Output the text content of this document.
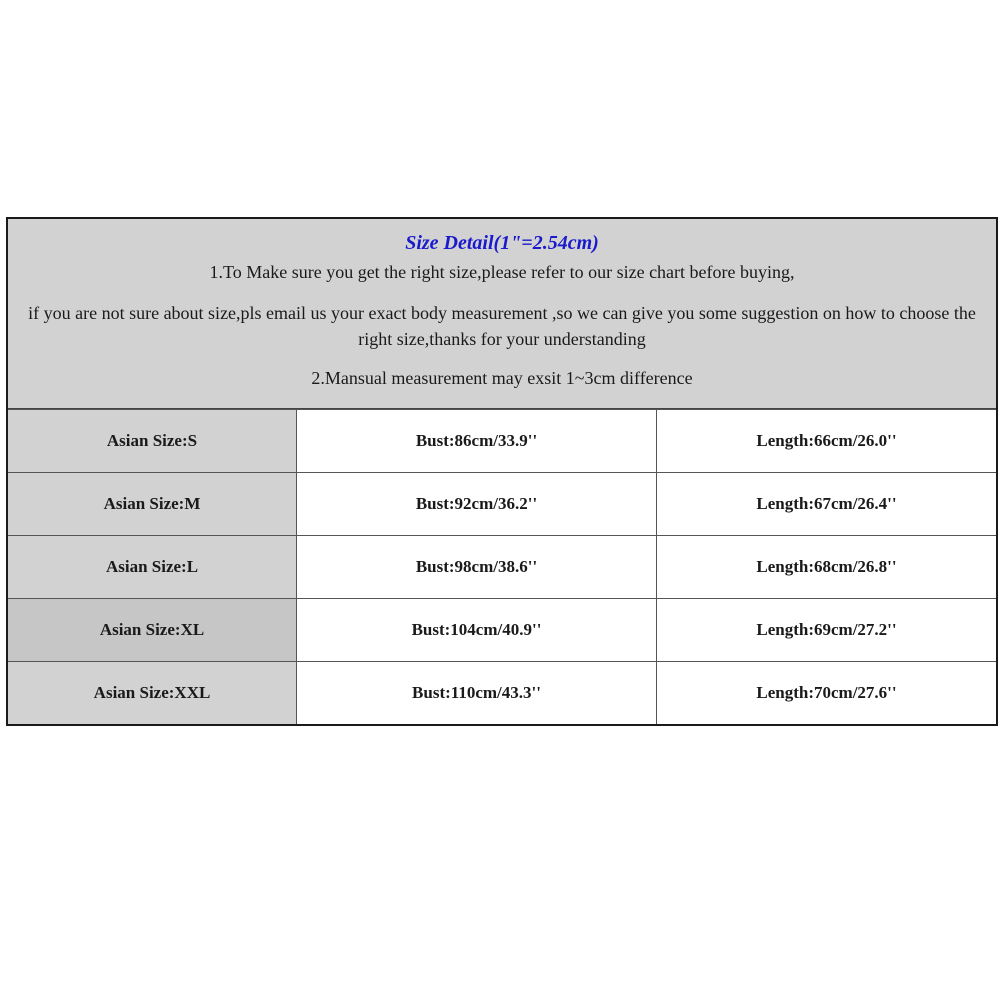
Size Detail(1"=2.54cm)
1.To Make sure you get the right size,please refer to our size chart before buying,
if you are not sure about size,pls email us your exact body measurement ,so we can give you some suggestion on how to choose the right size,thanks for your understanding
2.Mansual measurement may exsit 1~3cm difference
Asian Size:S	Bust:86cm/33.9''	Length:66cm/26.0''
Asian Size:M	Bust:92cm/36.2''	Length:67cm/26.4''
Asian Size:L	Bust:98cm/38.6''	Length:68cm/26.8''
Asian Size:XL	Bust:104cm/40.9''	Length:69cm/27.2''
Asian Size:XXL	Bust:110cm/43.3''	Length:70cm/27.6''
